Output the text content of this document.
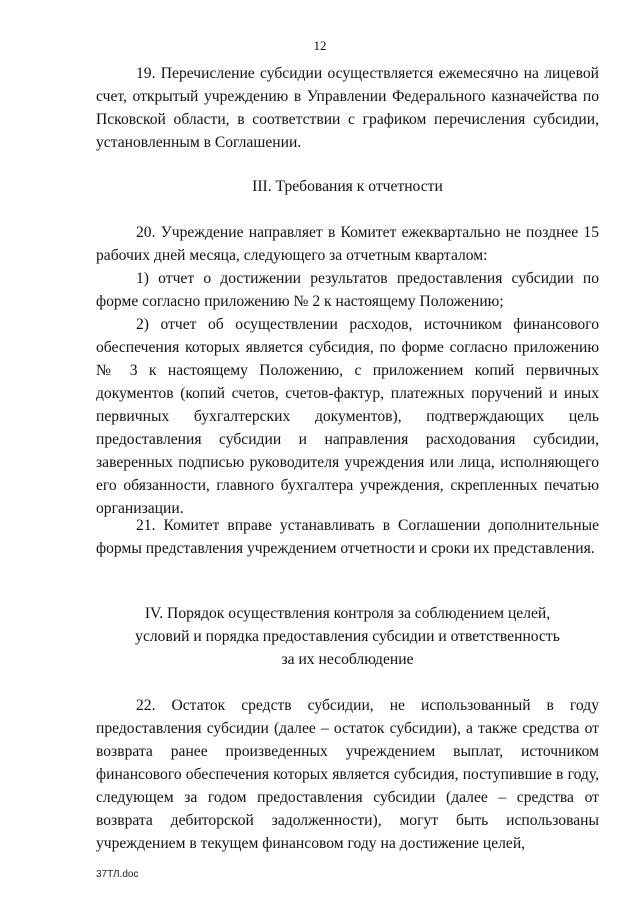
12

19. Перечисление субсидии осуществляется ежемесячно на лицевой счет, открытый учреждению в Управлении Федерального казначейства по Псковской области, в соответствии с графиком перечисления субсидии, установленным в Соглашении.

III. Требования к отчетности

20. Учреждение направляет в Комитет ежеквартально не позднее 15 рабочих дней месяца, следующего за отчетным кварталом:

1) отчет о достижении результатов предоставления субсидии по форме согласно приложению № 2 к настоящему Положению;

2) отчет об осуществлении расходов, источником финансового обеспечения которых является субсидия, по форме согласно приложению № 3 к настоящему Положению, с приложением копий первичных документов (копий счетов, счетов-фактур, платежных поручений и иных первичных бухгалтерских документов), подтверждающих цель предоставления субсидии и направления расходования субсидии, заверенных подписью руководителя учреждения или лица, исполняющего его обязанности, главного бухгалтера учреждения, скрепленных печатью организации.

21. Комитет вправе устанавливать в Соглашении дополнительные формы представления учреждением отчетности и сроки их представления.

IV. Порядок осуществления контроля за соблюдением целей,

условий и порядка предоставления субсидии и ответственность

за их несоблюдение

22. Остаток средств субсидии, не использованный в году предоставления субсидии (далее – остаток субсидии), а также средства от возврата ранее произведенных учреждением выплат, источником финансового обеспечения которых является субсидия, поступившие в году, следующем за годом предоставления субсидии (далее – средства от возврата дебиторской задолженности), могут быть использованы учреждением в текущем финансовом году на достижение целей,

37ТЛ.doc
